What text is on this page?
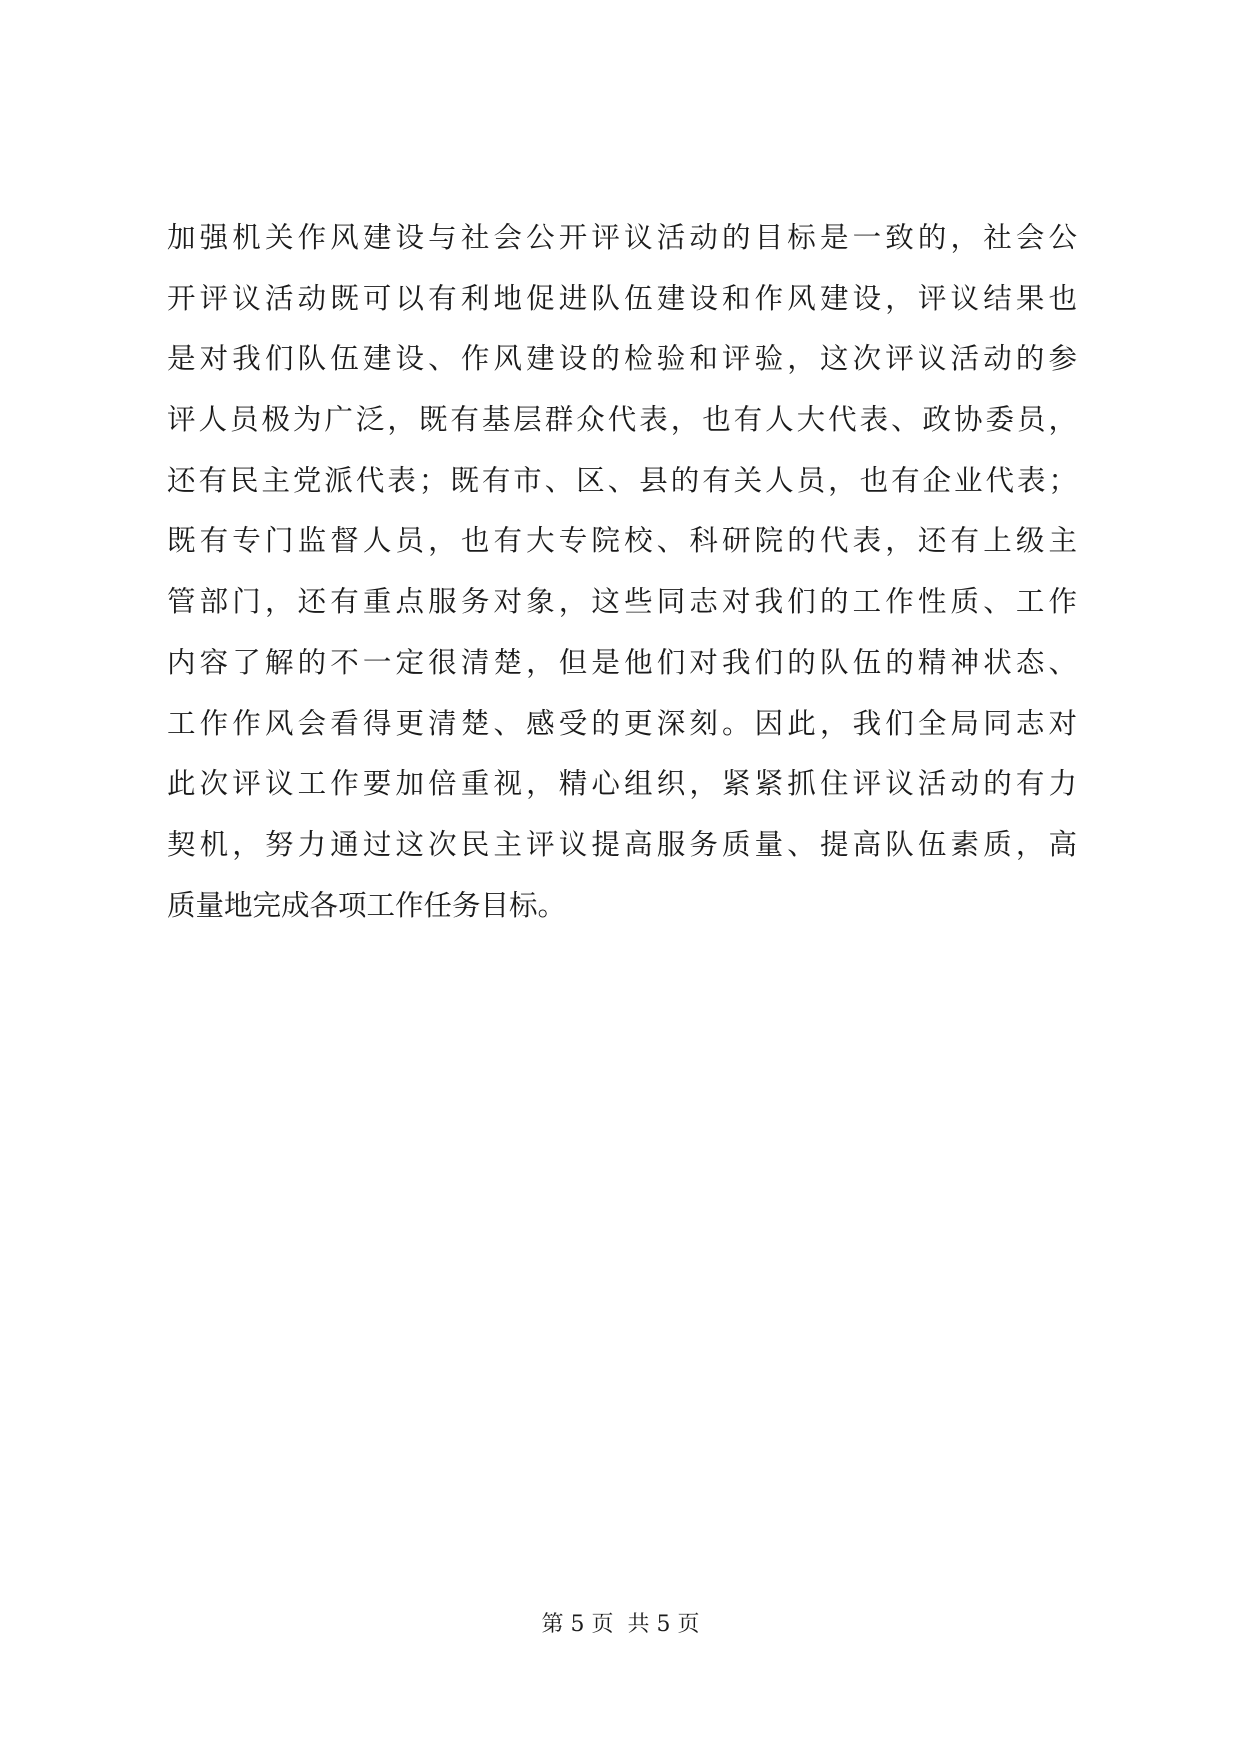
加强机关作风建设与社会公开评议活动的目标是一致的，社会公
开评议活动既可以有利地促进队伍建设和作风建设，评议结果也
是对我们队伍建设、作风建设的检验和评验，这次评议活动的参
评人员极为广泛，既有基层群众代表，也有人大代表、政协委员，
还有民主党派代表；既有市、区、县的有关人员，也有企业代表；
既有专门监督人员，也有大专院校、科研院的代表，还有上级主
管部门，还有重点服务对象，这些同志对我们的工作性质、工作
内容了解的不一定很清楚，但是他们对我们的队伍的精神状态、
工作作风会看得更清楚、感受的更深刻。因此，我们全局同志对
此次评议工作要加倍重视，精心组织，紧紧抓住评议活动的有力
契机，努力通过这次民主评议提高服务质量、提高队伍素质，高
质量地完成各项工作任务目标。
第 5 页 共 5 页
